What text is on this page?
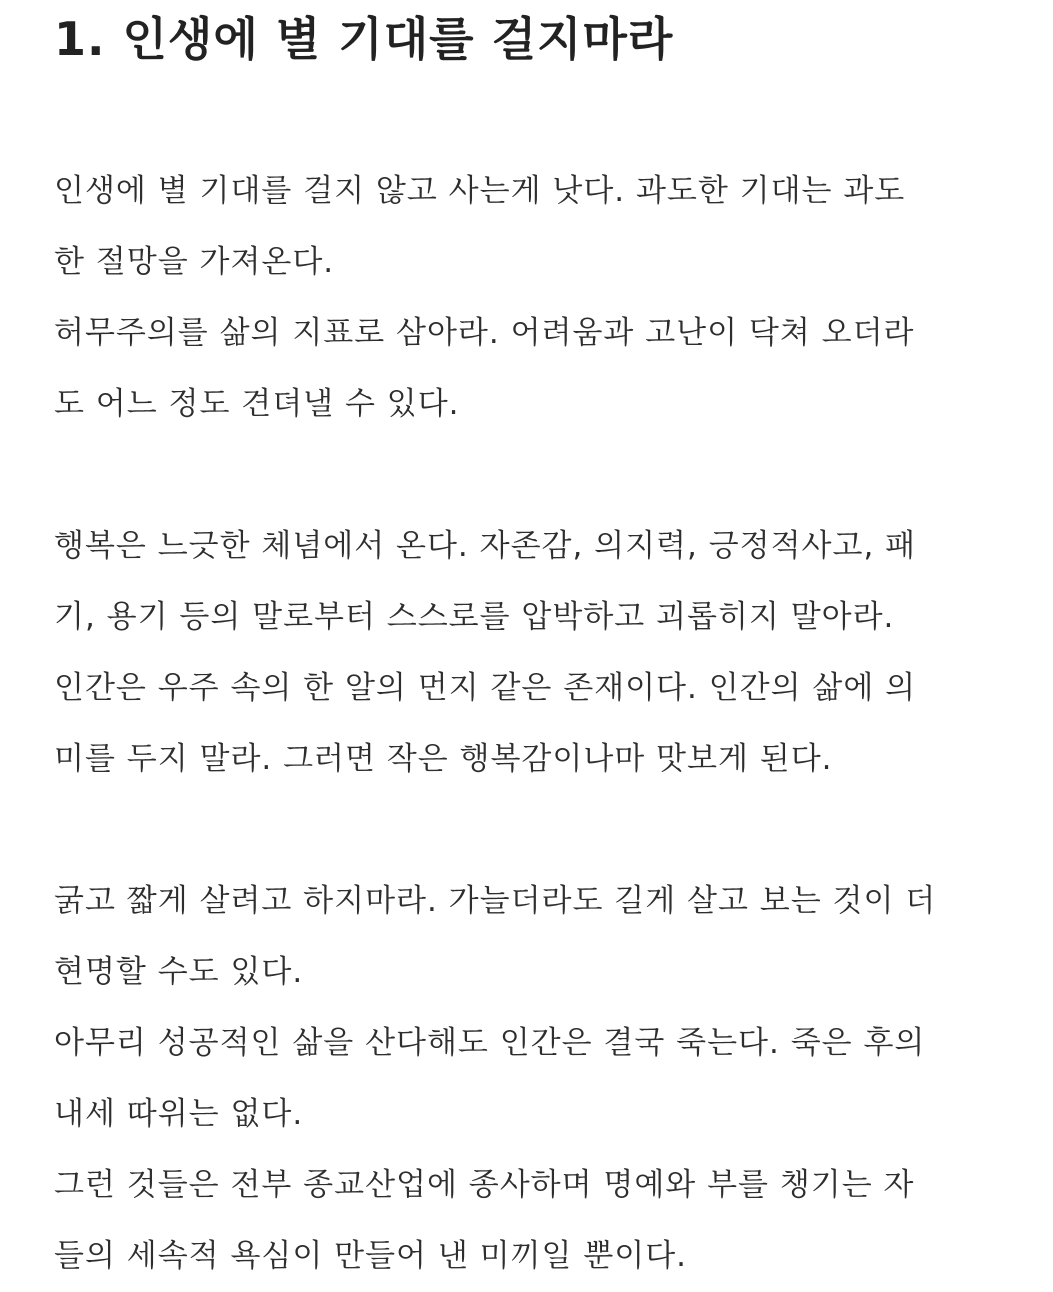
1. 인생에 별 기대를 걸지마라

인생에 별 기대를 걸지 않고 사는게 낫다. 과도한 기대는 과도
한 절망을 가져온다.
허무주의를 삶의 지표로 삼아라. 어려움과 고난이 닥쳐 오더라
도 어느 정도 견뎌낼 수 있다.

행복은 느긋한 체념에서 온다. 자존감, 의지력, 긍정적사고, 패
기, 용기 등의 말로부터 스스로를 압박하고 괴롭히지 말아라.
인간은 우주 속의 한 알의 먼지 같은 존재이다. 인간의 삶에 의
미를 두지 말라. 그러면 작은 행복감이나마 맛보게 된다.

굵고 짧게 살려고 하지마라. 가늘더라도 길게 살고 보는 것이 더
현명할 수도 있다.
아무리 성공적인 삶을 산다해도 인간은 결국 죽는다. 죽은 후의
내세 따위는 없다.
그런 것들은 전부 종교산업에 종사하며 명예와 부를 챙기는 자
들의 세속적 욕심이 만들어 낸 미끼일 뿐이다.
